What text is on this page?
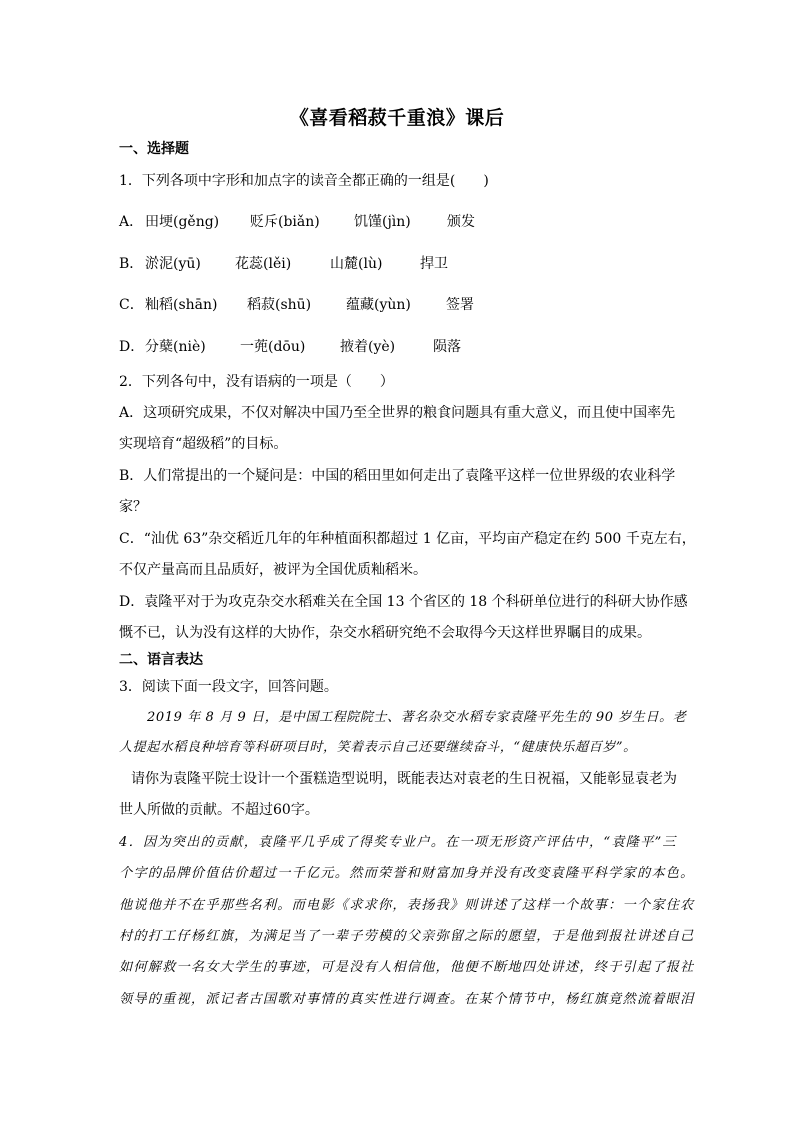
《喜看稻菽千重浪》课后
一、选择题
1．下列各项中字形和加点字的读音全都正确的一组是(　　)
A． 田埂(gěng) 贬斥(biǎn) 饥馑(jìn)	颁发
B． 淤泥(yū) 花蕊(lěi)	山麓(lù)	捍卫
C． 籼稻(shān) 稻菽(shū) 蕴藏(yùn)	签署
D． 分蘖(niè) 一蔸(dōu) 掖着(yè)	陨落
2．下列各句中，没有语病的一项是（　　）
A．这项研究成果，不仅对解决中国乃至全世界的粮食问题具有重大意义，而且使中国率先
实现培育“超级稻”的目标。
B．人们常提出的一个疑问是：中国的稻田里如何走出了袁隆平这样一位世界级的农业科学
家？
C．“汕优 63”杂交稻近几年的年种植面积都超过 1 亿亩，平均亩产稳定在约 500 千克左右，
不仅产量高而且品质好，被评为全国优质籼稻米。
D．袁隆平对于为攻克杂交水稻难关在全国 13 个省区的 18 个科研单位进行的科研大协作感
慨不已，认为没有这样的大协作，杂交水稻研究绝不会取得今天这样世界瞩目的成果。
二、语言表达
3．阅读下面一段文字，回答问题。
2019 年 8 月 9 日，是中国工程院院士、著名杂交水稻专家袁隆平先生的 90 岁生日。老
人提起水稻良种培育等科研项目时，笑着表示自己还要继续奋斗，“健康快乐超百岁”。
请你为袁隆平院士设计一个蛋糕造型说明，既能表达对袁老的生日祝福，又能彰显袁老为
世人所做的贡献。不超过60字。
4．因为突出的贡献，袁隆平几乎成了得奖专业户。在一项无形资产评估中，“袁隆平”三
个字的品牌价值估价超过一千亿元。然而荣誉和财富加身并没有改变袁隆平科学家的本色。
他说他并不在乎那些名利。而电影《求求你，表扬我》则讲述了这样一个故事：一个家住农
村的打工仔杨红旗，为满足当了一辈子劳模的父亲弥留之际的愿望，于是他到报社讲述自己
如何解救一名女大学生的事迹，可是没有人相信他，他便不断地四处讲述，终于引起了报社
领导的重视，派记者古国歌对事情的真实性进行调查。在某个情节中，杨红旗竟然流着眼泪
